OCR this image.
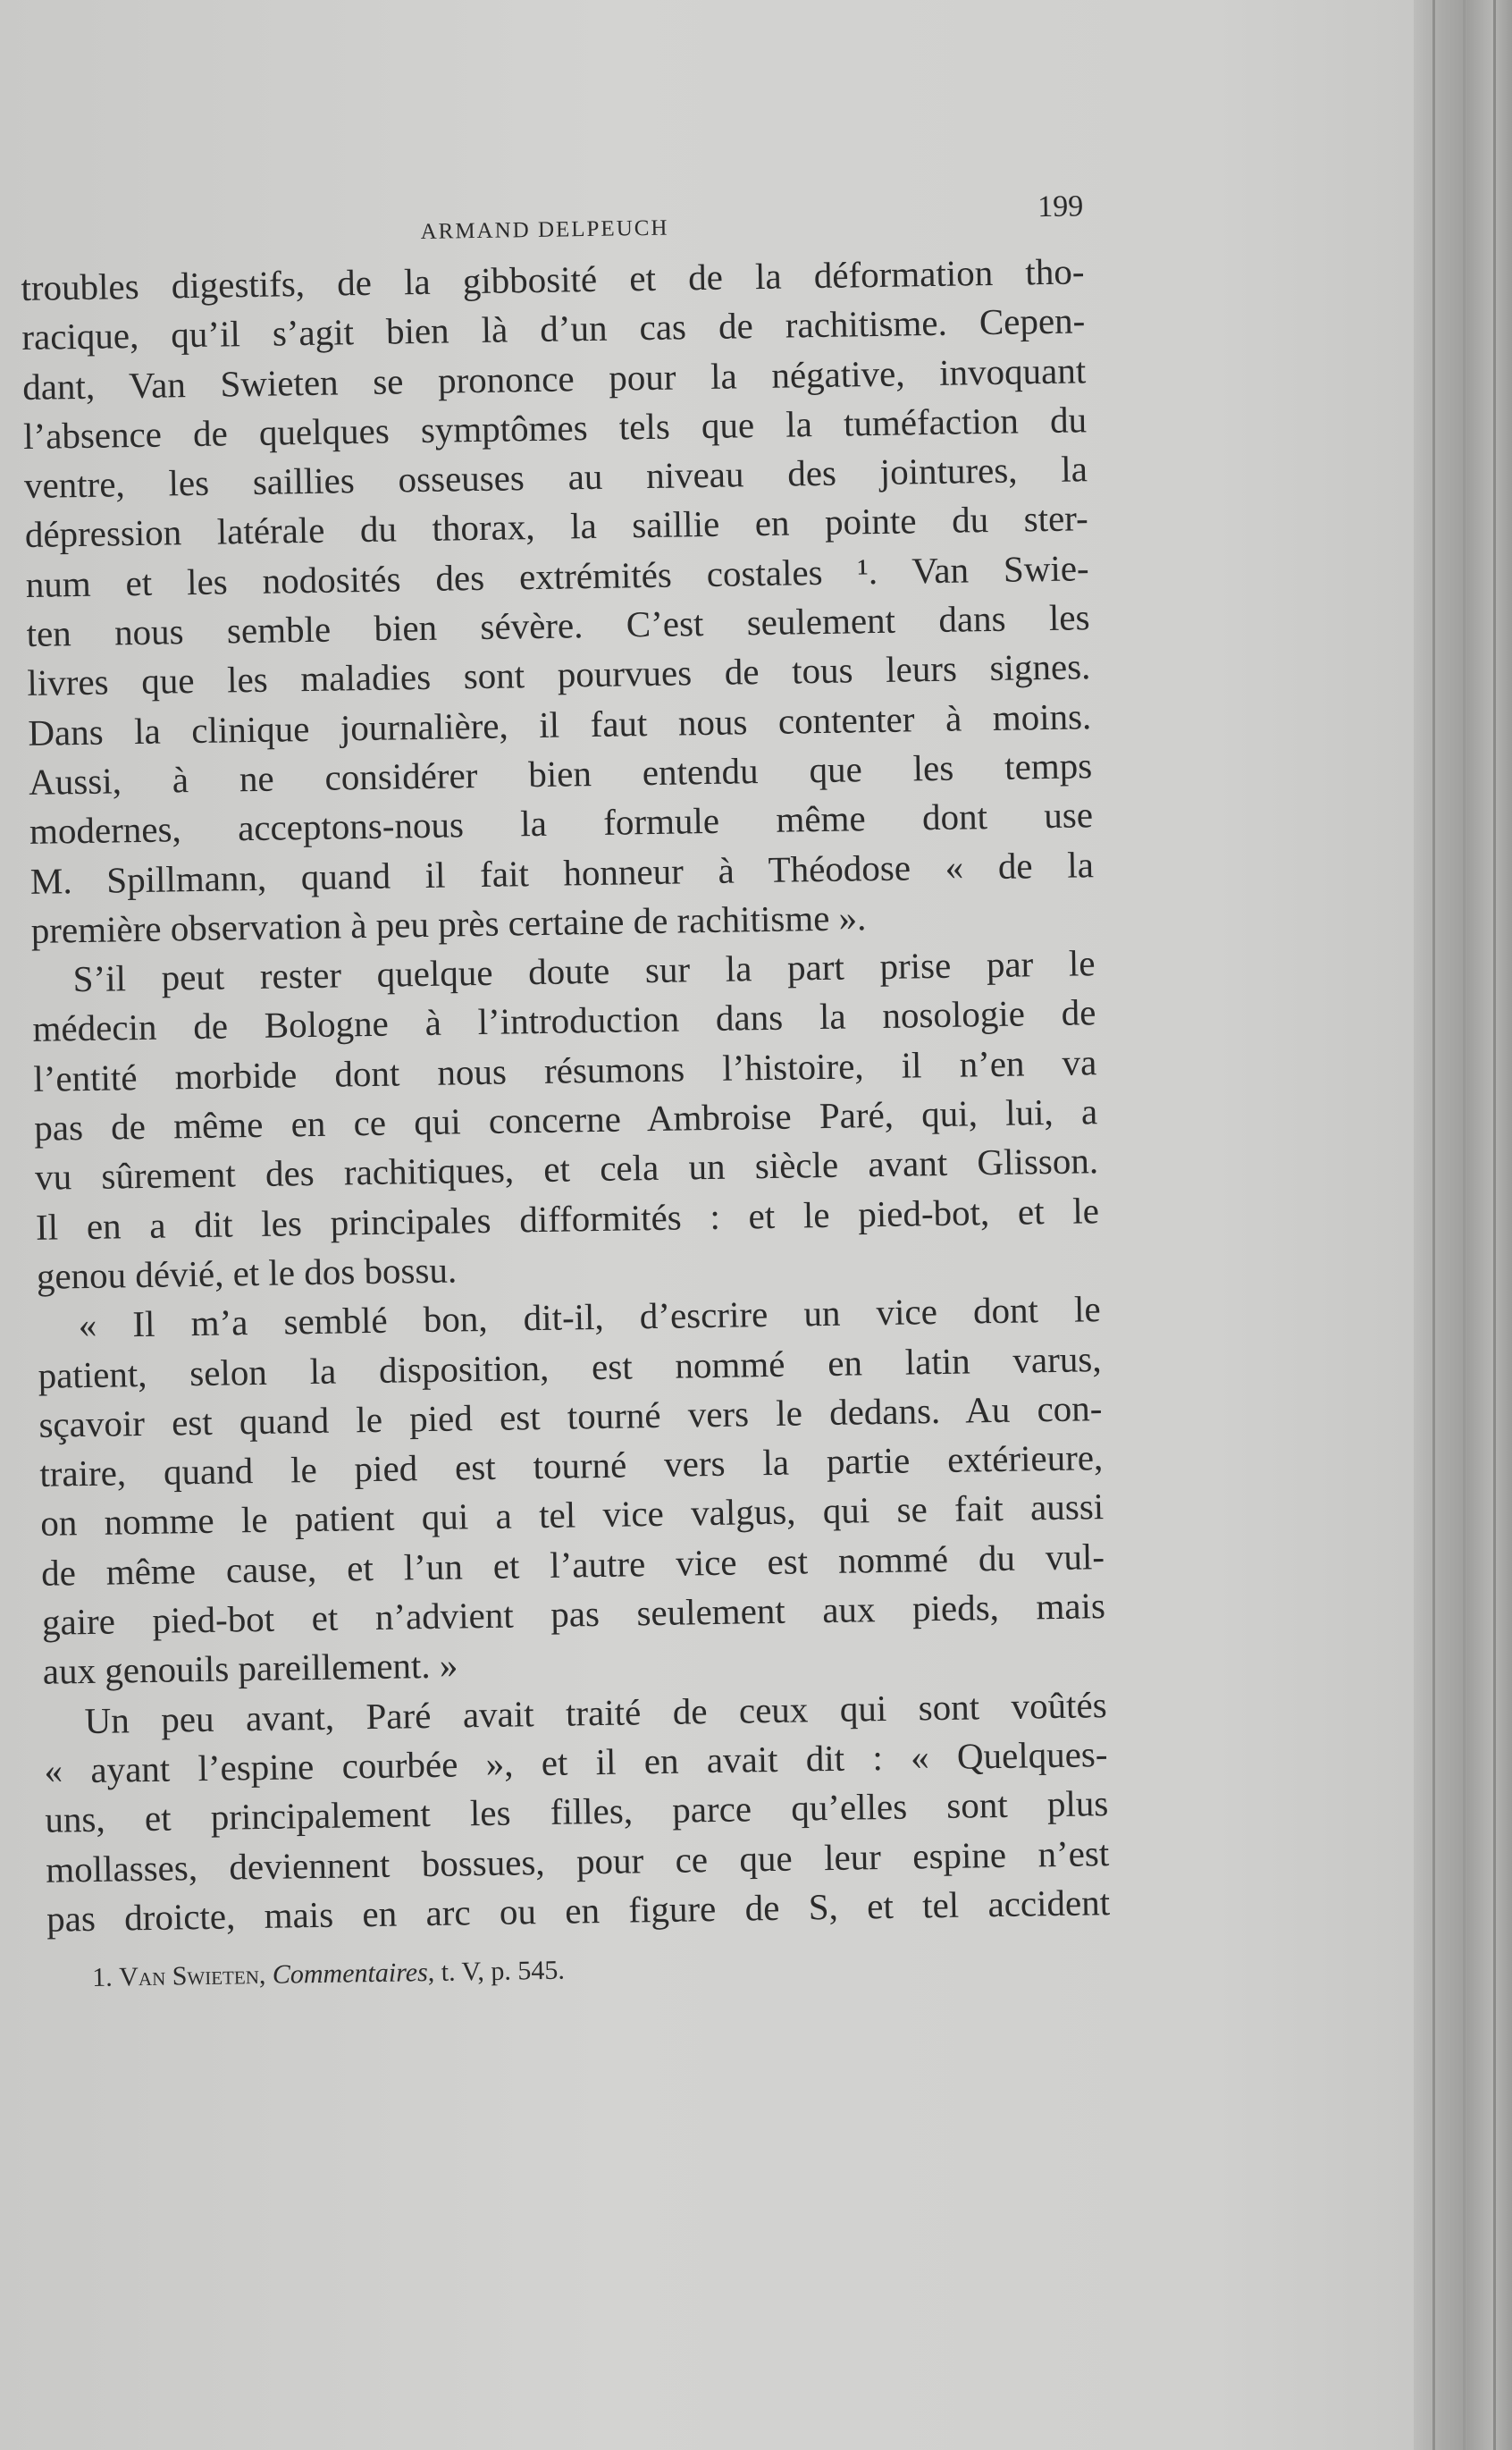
ARMAND DELPEUCH
199
troubles digestifs, de la gibbosité et de la déformation tho-
racique, qu’il s’agit bien là d’un cas de rachitisme. Cepen-
dant, Van Swieten se prononce pour la négative, invoquant
l’absence de quelques symptômes tels que la tuméfaction du
ventre, les saillies osseuses au niveau des jointures, la
dépression latérale du thorax, la saillie en pointe du ster-
num et les nodosités des extrémités costales ¹. Van Swie-
ten nous semble bien sévère. C’est seulement dans les
livres que les maladies sont pourvues de tous leurs signes.
Dans la clinique journalière, il faut nous contenter à moins.
Aussi, à ne considérer bien entendu que les temps
modernes, acceptons-nous la formule même dont use
M. Spillmann, quand il fait honneur à Théodose « de la
première observation à peu près certaine de rachitisme ».
S’il peut rester quelque doute sur la part prise par le
médecin de Bologne à l’introduction dans la nosologie de
l’entité morbide dont nous résumons l’histoire, il n’en va
pas de même en ce qui concerne Ambroise Paré, qui, lui, a
vu sûrement des rachitiques, et cela un siècle avant Glisson.
Il en a dit les principales difformités : et le pied-bot, et le
genou dévié, et le dos bossu.
« Il m’a semblé bon, dit-il, d’escrire un vice dont le
patient, selon la disposition, est nommé en latin varus,
sçavoir est quand le pied est tourné vers le dedans. Au con-
traire, quand le pied est tourné vers la partie extérieure,
on nomme le patient qui a tel vice valgus, qui se fait aussi
de même cause, et l’un et l’autre vice est nommé du vul-
gaire pied-bot et n’advient pas seulement aux pieds, mais
aux genouils pareillement. »
Un peu avant, Paré avait traité de ceux qui sont voûtés
« ayant l’espine courbée », et il en avait dit : « Quelques-
uns, et principalement les filles, parce qu’elles sont plus
mollasses, deviennent bossues, pour ce que leur espine n’est
pas droicte, mais en arc ou en figure de S, et tel accident
1. Van Swieten, Commentaires, t. V, p. 545.
